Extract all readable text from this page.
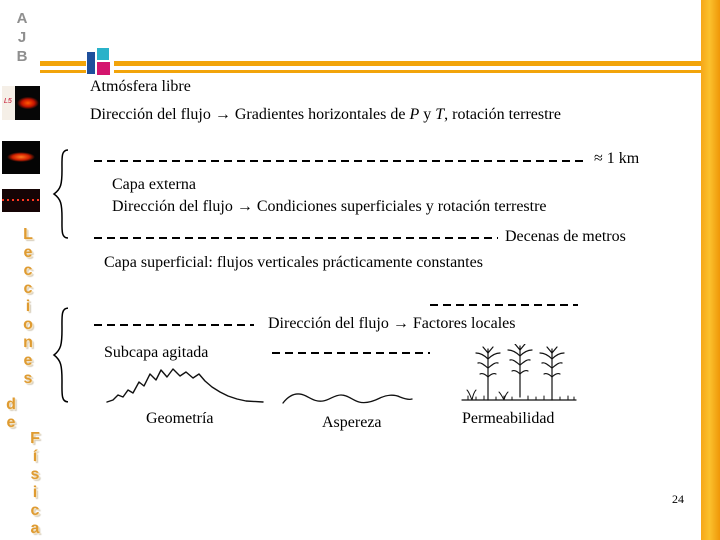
A
J
B
L5
L
e
c
c
i
o
n
e
s
d
e
F
í
s
i
c
a
Atmósfera libre
Dirección del flujo → Gradientes horizontales de P y T, rotación terrestre
≈ 1 km
Capa externa
Dirección del flujo → Condiciones superficiales y rotación terrestre
Decenas de metros
Capa superficial: flujos verticales prácticamente constantes
Dirección del flujo → Factores locales
Subcapa agitada
Geometría	Aspereza	Permeabilidad
24
